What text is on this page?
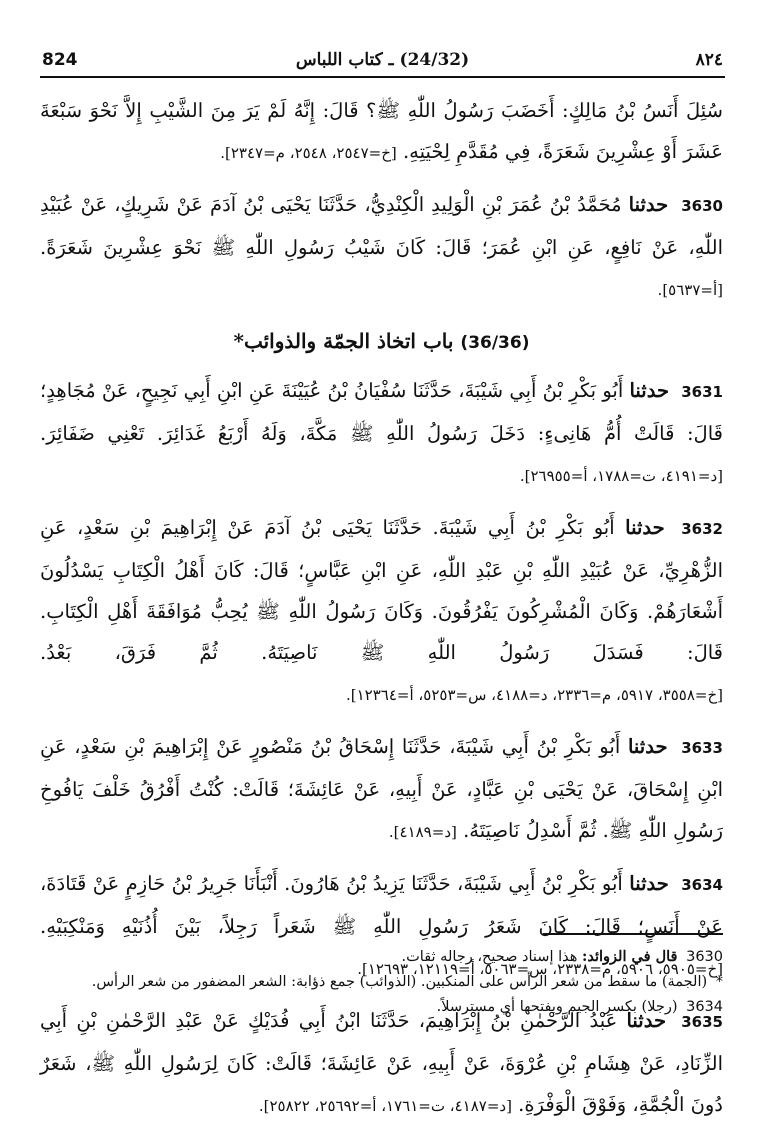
824	(24/32) ـ كتاب اللباس	٨٢٤

سُئِلَ أَنَسُ بْنُ مَالِكٍ: أَخَضَبَ رَسُولُ اللّٰهِ ﷺ؟ قَالَ: إِنَّهُ لَمْ يَرَ مِنَ الشَّيْبِ إِلاَّ نَحْوَ سَبْعَةَ عَشَرَ أَوْ عِشْرِينَ شَعَرَةً، فِي مُقَدَّمِ لِحْيَتِهِ. [خ=٢٥٤٧، ٢٥٤٨، م=٢٣٤٧].

3630 حدثنا مُحَمَّدُ بْنُ عُمَرَ بْنِ الْوَلِيدِ الْكِنْدِيُّ، حَدَّثَنَا يَحْيَى بْنُ آدَمَ عَنْ شَرِيكٍ، عَنْ عُبَيْدِ اللّٰهِ، عَنْ نَافِعٍ، عَنِ ابْنِ عُمَرَ؛ قَالَ: كَانَ شَيْبُ رَسُولِ اللّٰهِ ﷺ نَحْوَ عِشْرِينَ شَعَرَةً. [أ=٥٦٣٧].

(36/36) باب اتخاذ الجمّة والذوائب*

3631 حدثنا أَبُو بَكْرِ بْنُ أَبِي شَيْبَةَ، حَدَّثَنَا سُفْيَانُ بْنُ عُيَيْنَةَ عَنِ ابْنِ أَبِي نَجِيحٍ، عَنْ مُجَاهِدٍ؛ قَالَ: قَالَتْ أُمُّ هَانِىءٍ: دَخَلَ رَسُولُ اللّٰهِ ﷺ مَكَّةَ، وَلَهُ أَرْبَعُ غَدَائِرَ. تَعْنِي ضَفَائِرَ. [د=٤١٩١، ت=١٧٨٨، أ=٢٦٩٥٥].

3632 حدثنا أَبُو بَكْرِ بْنُ أَبِي شَيْبَةَ. حَدَّثَنَا يَحْيَى بْنُ آدَمَ عَنْ إِبْرَاهِيمَ بْنِ سَعْدٍ، عَنِ الزُّهْرِيِّ، عَنْ عُبَيْدِ اللّٰهِ بْنِ عَبْدِ اللّٰهِ، عَنِ ابْنِ عَبَّاسٍ؛ قَالَ: كَانَ أَهْلُ الْكِتَابِ يَسْدُلُونَ أَشْعَارَهُمْ. وَكَانَ الْمُشْرِكُونَ يَفْرُقُونَ. وَكَانَ رَسُولُ اللّٰهِ ﷺ يُحِبُّ مُوَافَقَةَ أَهْلِ الْكِتَابِ. قَالَ: فَسَدَلَ رَسُولُ اللّٰهِ ﷺ نَاصِيَتَهُ. ثُمَّ فَرَقَ، بَعْدُ. [خ=٣٥٥٨، ٥٩١٧، م=٢٣٣٦، د=٤١٨٨، س=٥٢٥٣، أ=١٢٣٦٤].

3633 حدثنا أَبُو بَكْرِ بْنُ أَبِي شَيْبَةَ، حَدَّثَنَا إِسْحَاقُ بْنُ مَنْصُورٍ عَنْ إِبْرَاهِيمَ بْنِ سَعْدٍ، عَنِ ابْنِ إِسْحَاقَ، عَنْ يَحْيَى بْنِ عَبَّادٍ، عَنْ أَبِيهِ، عَنْ عَائِشَةَ؛ قَالَتْ: كُنْتُ أَفْرُقُ خَلْفَ يَافُوخِ رَسُولِ اللّٰهِ ﷺ. ثُمَّ أَسْدِلُ نَاصِيَتَهُ. [د=٤١٨٩].

3634 حدثنا أَبُو بَكْرِ بْنُ أَبِي شَيْبَةَ، حَدَّثَنَا يَزِيدُ بْنُ هَارُونَ. أَنْبَأَنَا جَرِيرُ بْنُ حَازِمٍ عَنْ قَتَادَةَ، عَنْ أَنَسٍ؛ قَالَ: كَانَ شَعَرُ رَسُولِ اللّٰهِ ﷺ شَعَراً رَجِلاً، بَيْنَ أُذُنَيْهِ وَمَنْكِبَيْهِ. [خ=٥٩٠٥، ٥٩٠٦، م=٢٣٣٨، س=٥٠٦٣، أ=١٢١١٩، ١٢٦٩٣].

3635 حدثنا عَبْدُ الرَّحْمٰنِ بْنُ إِبْرَاهِيمَ، حَدَّثَنَا ابْنُ أَبِي فُدَيْكٍ عَنْ عَبْدِ الرَّحْمٰنِ بْنِ أَبِي الزِّنَادِ، عَنْ هِشَامِ بْنِ عُرْوَةَ، عَنْ أَبِيهِ، عَنْ عَائِشَةَ؛ قَالَتْ: كَانَ لِرَسُولِ اللّٰهِ ﷺ، شَعَرٌ دُونَ الْجُمَّةِ، وَفَوْقَ الْوَفْرَةِ. [د=٤١٨٧، ت=١٧٦١، أ=٢٥٦٩٢، ٢٥٨٢٢].

3630 قال في الزوائد: هذا إسناد صحيح، رجاله ثقات.

* (الجمة) ما سقط من شعر الرأس على المنكبين. (الذوائب) جمع ذؤابة: الشعر المضفور من شعر الرأس.

3634 (رجلا) بكسر الجيم وبفتحها أي مسترسلاً.
